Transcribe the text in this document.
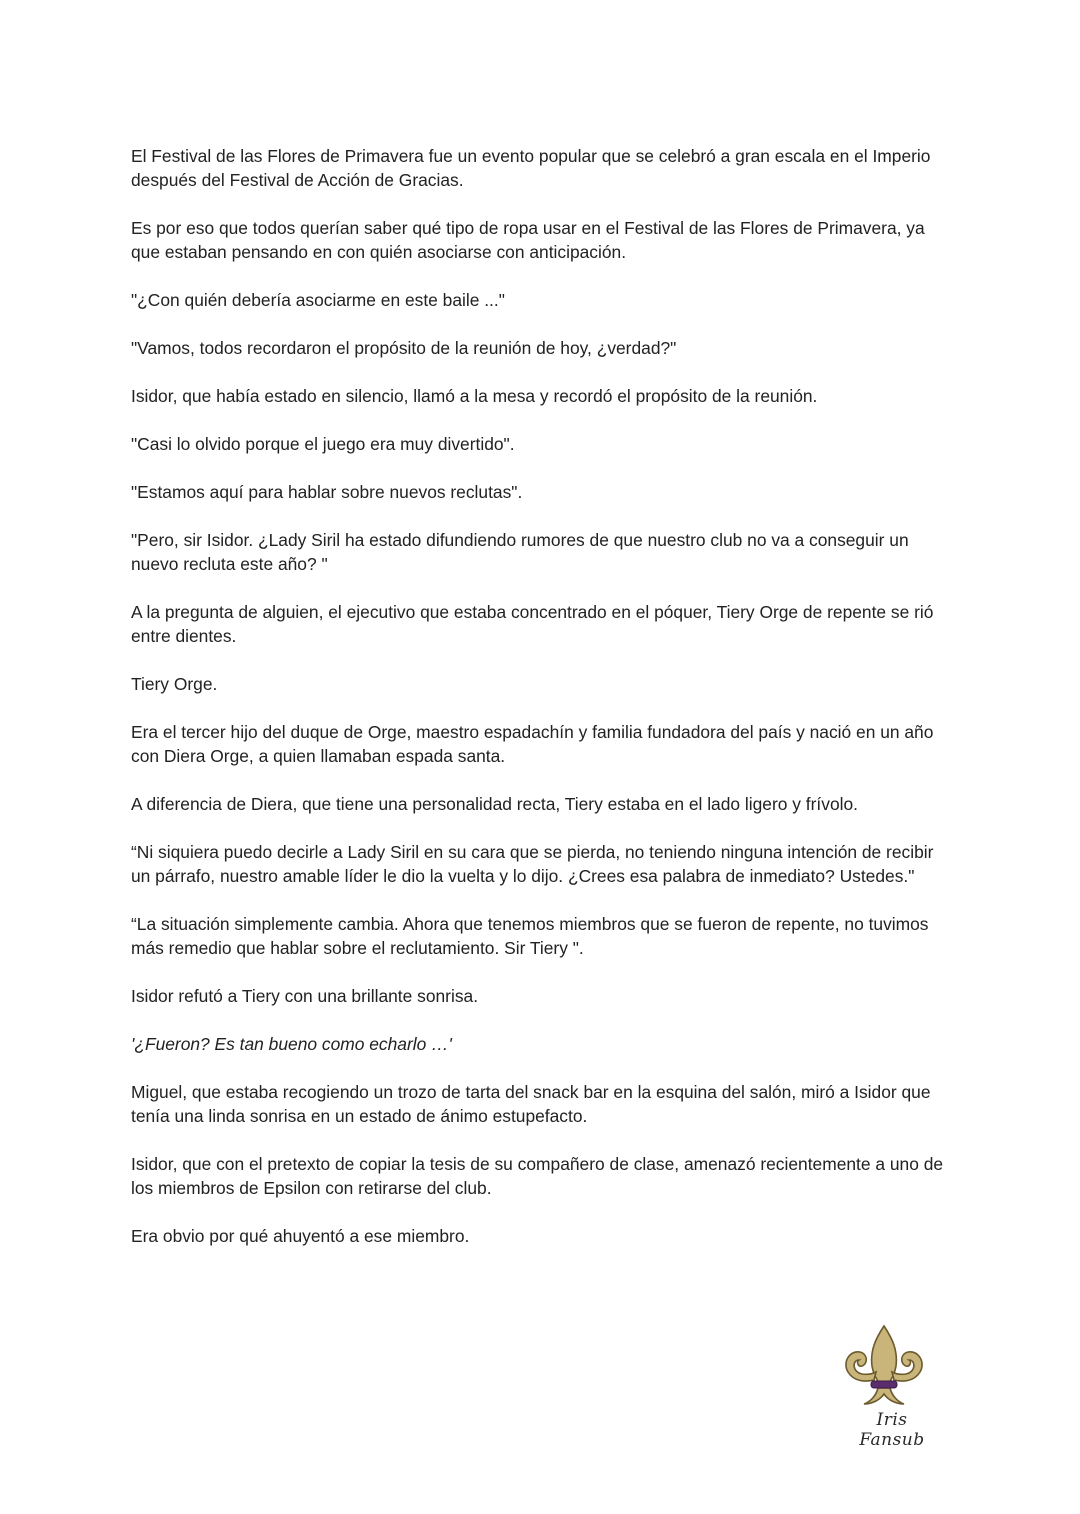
El Festival de las Flores de Primavera fue un evento popular que se celebró a gran escala en el Imperio después del Festival de Acción de Gracias.

Es por eso que todos querían saber qué tipo de ropa usar en el Festival de las Flores de Primavera, ya que estaban pensando en con quién asociarse con anticipación.

"¿Con quién debería asociarme en este baile ..."

"Vamos, todos recordaron el propósito de la reunión de hoy, ¿verdad?"

Isidor, que había estado en silencio, llamó a la mesa y recordó el propósito de la reunión.

"Casi lo olvido porque el juego era muy divertido".

"Estamos aquí para hablar sobre nuevos reclutas".

"Pero, sir Isidor. ¿Lady Siril ha estado difundiendo rumores de que nuestro club no va a conseguir un nuevo recluta este año? "

A la pregunta de alguien, el ejecutivo que estaba concentrado en el póquer, Tiery Orge de repente se rió entre dientes.

Tiery Orge.

Era el tercer hijo del duque de Orge, maestro espadachín y familia fundadora del país y nació en un año con Diera Orge, a quien llamaban espada santa.

A diferencia de Diera, que tiene una personalidad recta, Tiery estaba en el lado ligero y frívolo.

“Ni siquiera puedo decirle a Lady Siril en su cara que se pierda, no teniendo ninguna intención de recibir un párrafo, nuestro amable líder le dio la vuelta y lo dijo. ¿Crees esa palabra de inmediato? Ustedes."

“La situación simplemente cambia. Ahora que tenemos miembros que se fueron de repente, no tuvimos más remedio que hablar sobre el reclutamiento. Sir Tiery ".

Isidor refutó a Tiery con una brillante sonrisa.

'¿Fueron? Es tan bueno como echarlo …'

Miguel, que estaba recogiendo un trozo de tarta del snack bar en la esquina del salón, miró a Isidor que tenía una linda sonrisa en un estado de ánimo estupefacto.

Isidor, que con el pretexto de copiar la tesis de su compañero de clase, amenazó recientemente a uno de los miembros de Epsilon con retirarse del club.

Era obvio por qué ahuyentó a ese miembro.

Iris Fansub
